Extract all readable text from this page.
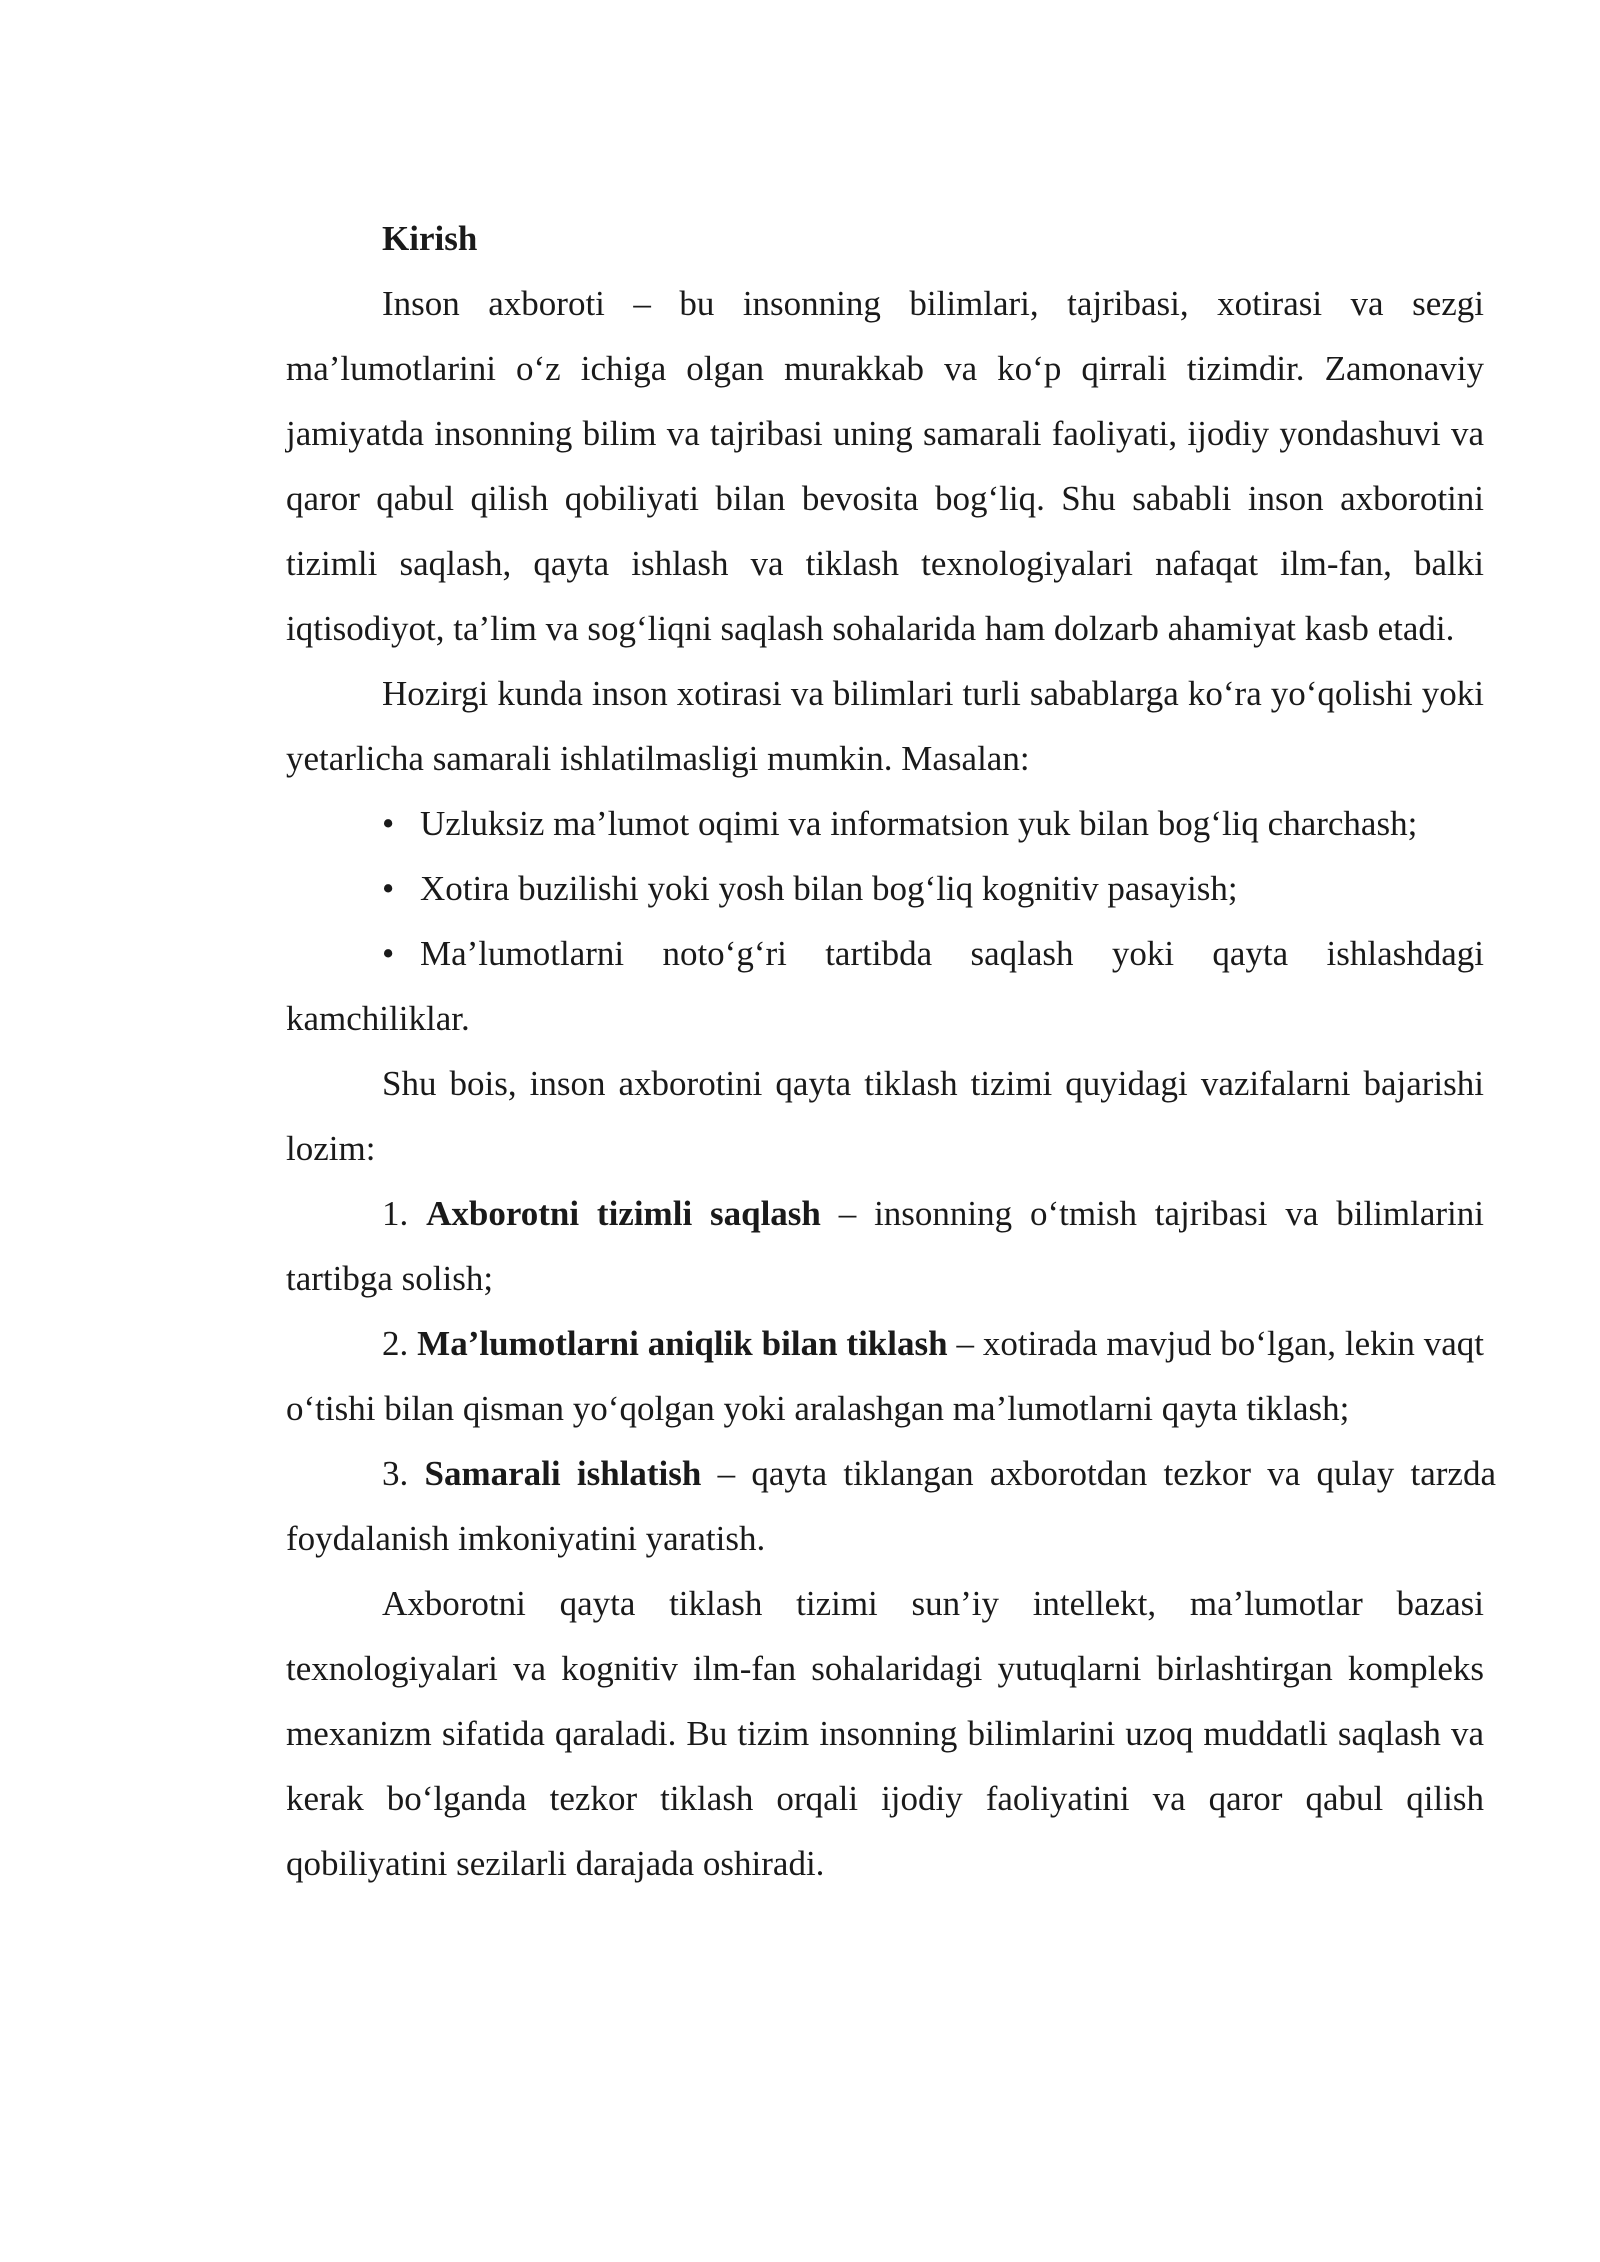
Kirish

Inson axboroti – bu insonning bilimlari, tajribasi, xotirasi va sezgi ma’lumotlarini o‘z ichiga olgan murakkab va ko‘p qirrali tizimdir. Zamonaviy jamiyatda insonning bilim va tajribasi uning samarali faoliyati, ijodiy yondashuvi va qaror qabul qilish qobiliyati bilan bevosita bog‘liq. Shu sababli inson axborotini tizimli saqlash, qayta ishlash va tiklash texnologiyalari nafaqat ilm-fan, balki iqtisodiyot, ta’lim va sog‘liqni saqlash sohalarida ham dolzarb ahamiyat kasb etadi.

Hozirgi kunda inson xotirasi va bilimlari turli sabablarga ko‘ra yo‘qolishi yoki yetarlicha samarali ishlatilmasligi mumkin. Masalan:

• Uzluksiz ma’lumot oqimi va informatsion yuk bilan bog‘liq charchash;

• Xotira buzilishi yoki yosh bilan bog‘liq kognitiv pasayish;

• Ma’lumotlarni noto‘g‘ri tartibda saqlash yoki qayta ishlashdagi kamchiliklar.

Shu bois, inson axborotini qayta tiklash tizimi quyidagi vazifalarni bajarishi lozim:

1. Axborotni tizimli saqlash – insonning o‘tmish tajribasi va bilimlarini tartibga solish;

2. Ma’lumotlarni aniqlik bilan tiklash – xotirada mavjud bo‘lgan, lekin vaqt o‘tishi bilan qisman yo‘qolgan yoki aralashgan ma’lumotlarni qayta tiklash;

3. Samarali ishlatish – qayta tiklangan axborotdan tezkor va qulay tarzda foydalanish imkoniyatini yaratish.

Axborotni qayta tiklash tizimi sun’iy intellekt, ma’lumotlar bazasi texnologiyalari va kognitiv ilm-fan sohalaridagi yutuqlarni birlashtirgan kompleks mexanizm sifatida qaraladi. Bu tizim insonning bilimlarini uzoq muddatli saqlash va kerak bo‘lganda tezkor tiklash orqali ijodiy faoliyatini va qaror qabul qilish qobiliyatini sezilarli darajada oshiradi.
